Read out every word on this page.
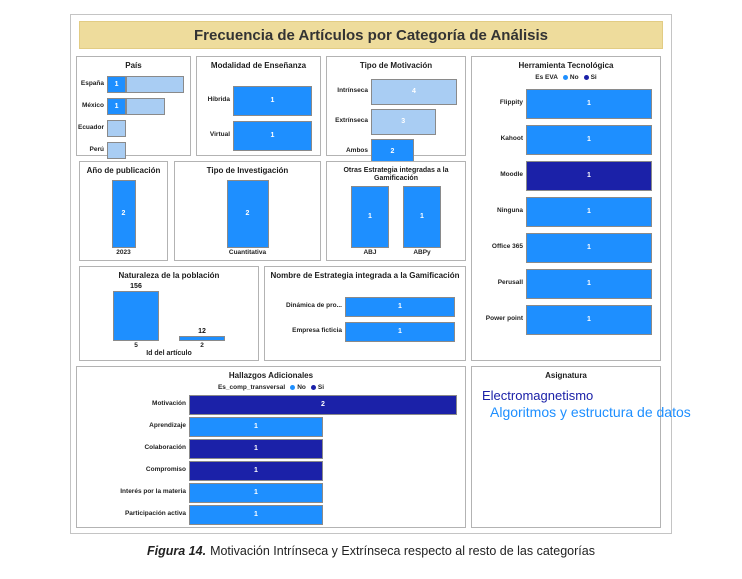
Frecuencia de Artículos por Categoría de Análisis
País
España	1
México	1
Ecuador
Perú
Modalidad de Enseñanza
Híbrida	1
Virtual	1
Tipo de Motivación
Intrínseca	4
Extrínseca	3
Ambos	2
Herramienta Tecnológica
Es EVA No Si
Flippity	1
Kahoot	1
Moodle	1
Ninguna	1
Office 365	1
Perusall	1
Power point	1
Año de publicación
2
2023
Tipo de Investigación
2
Cuantitativa
Otras Estrategia integradas a la Gamificación
1
ABJ
1
ABPy
Naturaleza de la población
156
5
12
2
Id del artículo
Nombre de Estrategia integrada a la Gamificación
Dinámica de pro...	1
Empresa ficticia	1
Hallazgos Adicionales
Es_comp_transversal No Si
Motivación	2
Aprendizaje	1
Colaboración	1
Compromiso	1
Interés por la materia	1
Participación activa	1
Asignatura
Electromagnetismo
Algoritmos y estructura de datos
Figura 14. Motivación Intrínseca y Extrínseca respecto al resto de las categorías
